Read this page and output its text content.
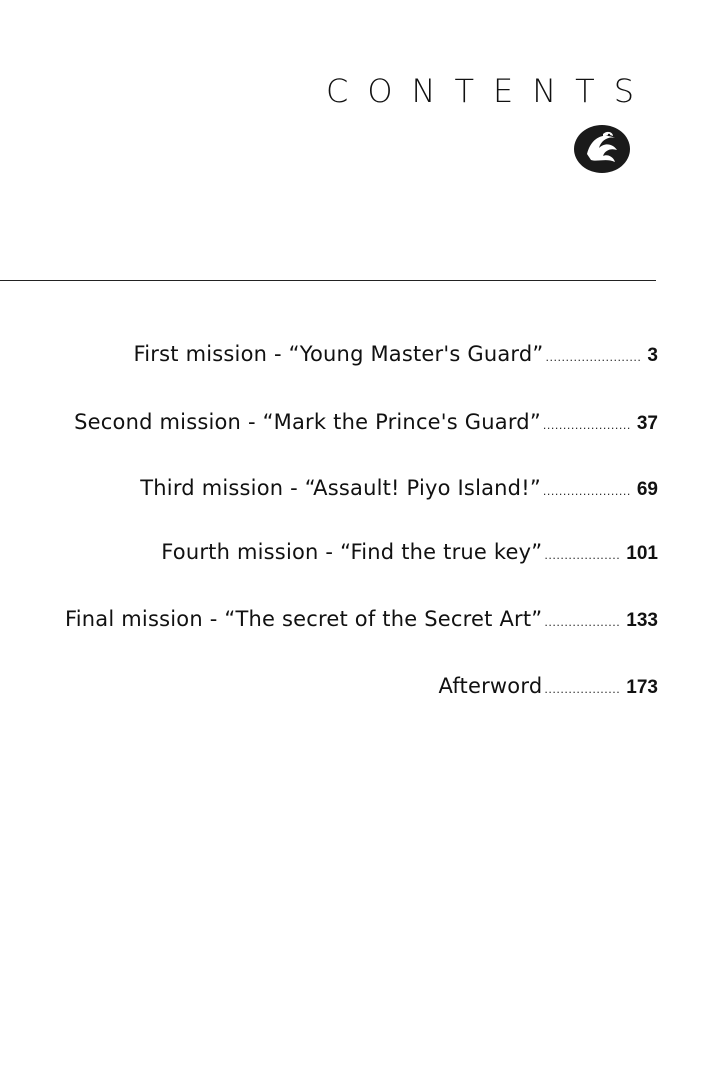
CONTENTS
First mission - “Young Master's Guard” ........................ 3
Second mission - “Mark the Prince's Guard” ...................... 37
Third mission - “Assault! Piyo Island!” ...................... 69
Fourth mission - “Find the true key” ................... 101
Final mission - “The secret of the Secret Art” ................... 133
Afterword ................... 173
